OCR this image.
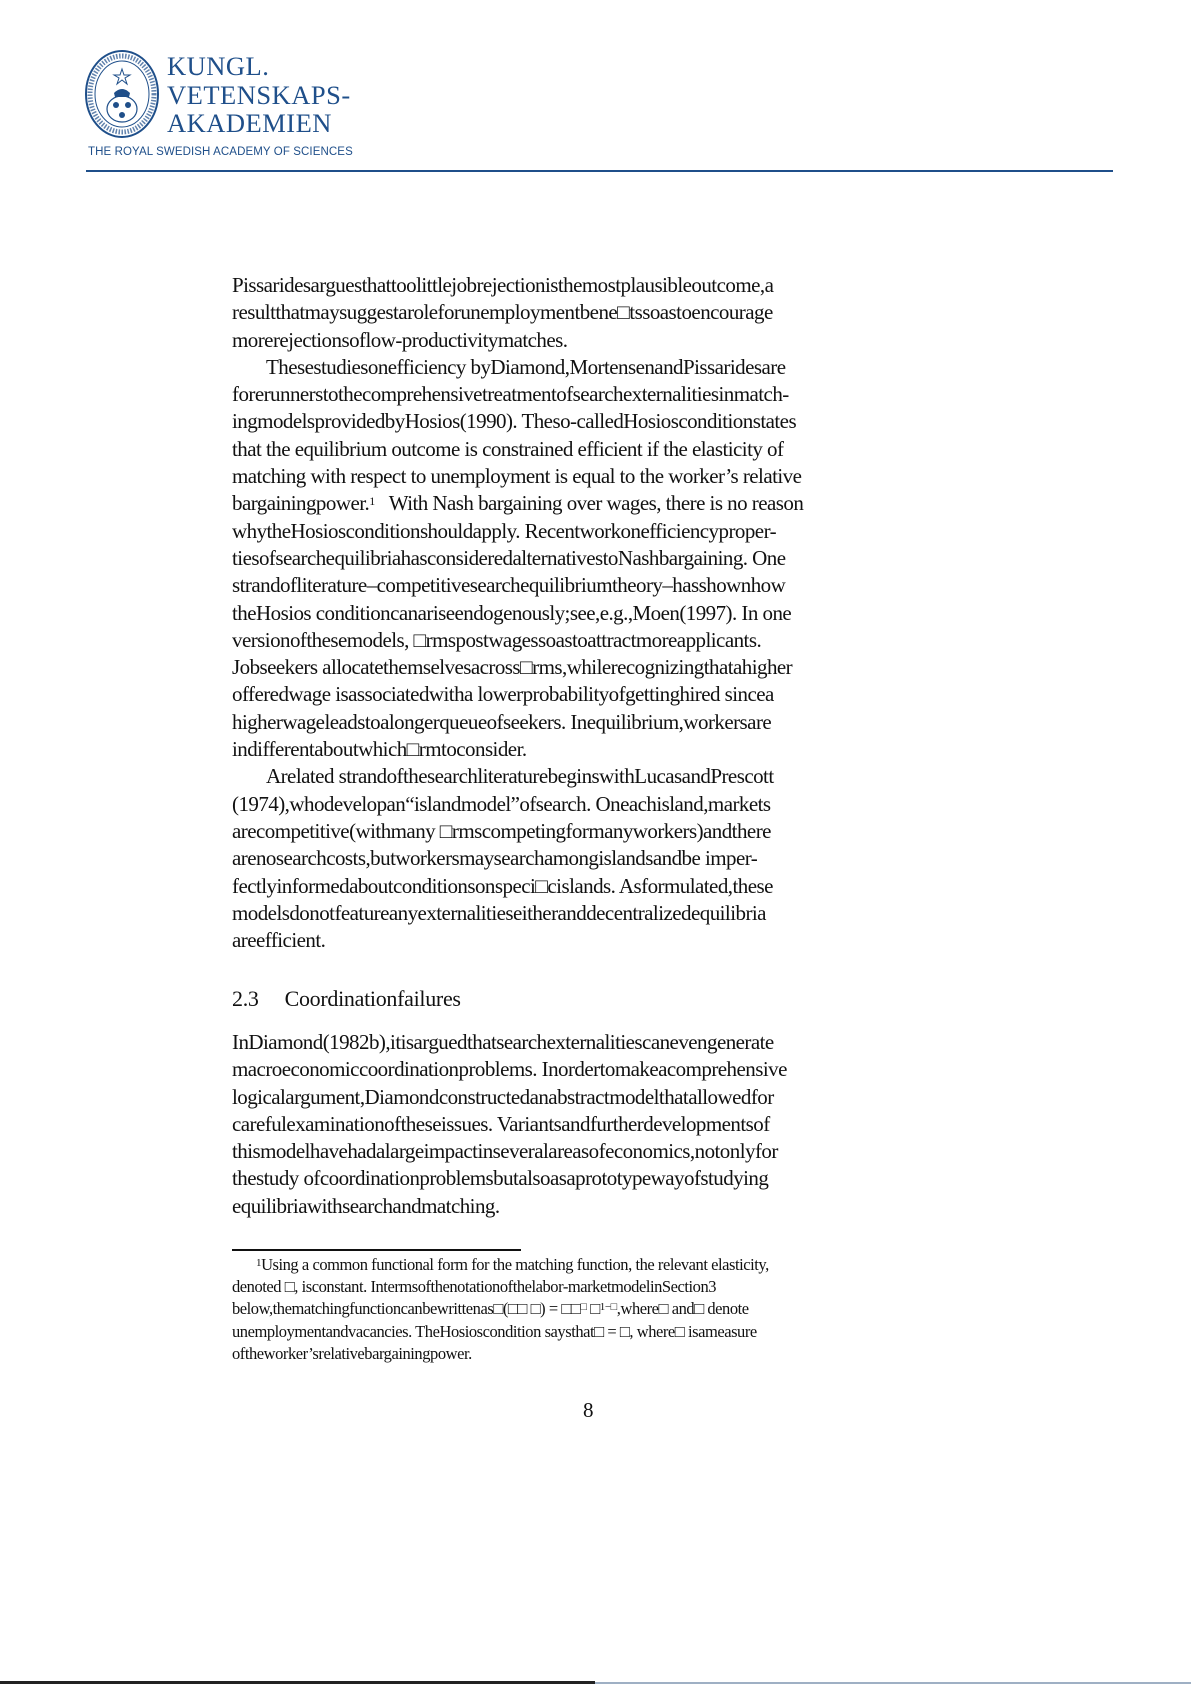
KUNGL.
VETENSKAPS-
AKADEMIEN
THE ROYAL SWEDISH ACADEMY OF SCIENCES
Pissaridesarguesthattoolittlejobrejectionisthemostplausibleoutcome,a
resultthatmaysuggestaroleforunemploymentbene□tssoastoencourage
morerejectionsoflow-productivitymatches.
Thesestudiesonefficiency byDiamond,MortensenandPissaridesare
forerunnerstothecomprehensivetreatmentofsearchexternalitiesinmatch-
ingmodelsprovidedbyHosios(1990). Theso-calledHosiosconditionstates
that the equilibrium outcome is constrained efficient if the elasticity of
matching with respect to unemployment is equal to the worker’s relative
bargainingpower.$^1$ With Nash bargaining over wages, there is no reason
whytheHosiosconditionshouldapply. Recentworkonefficiencyproper-
tiesofsearchequilibriahasconsideredalternativestoNashbargaining. One
strandofliterature–competitivesearchequilibriumtheory–hasshownhow
theHosios conditioncanariseendogenously;see,e.g.,Moen(1997). In one
versionofthesemodels, □rmspostwagessoastoattractmoreapplicants.
Jobseekers allocatethemselvesacross□rms,whilerecognizingthatahigher
offeredwage isassociatedwitha lowerprobabilityofgettinghired sincea
higherwageleadstoalongerqueueofseekers. Inequilibrium,workersare
indifferentaboutwhich□rmtoconsider.
Arelated strandofthesearchliteraturebeginswithLucasandPrescott
(1974),whodevelopan“islandmodel”ofsearch. Oneachisland,markets
arecompetitive(withmany □rmscompetingformanyworkers)andthere
arenosearchcosts,butworkersmaysearchamongislandsandbe imper-
fectlyinformedaboutconditionsonspeci□cislands. Asformulated,these
modelsdonotfeatureanyexternalitieseitheranddecentralizedequilibria
areefficient.
2.3 Coordinationfailures
InDiamond(1982b),itisarguedthatsearchexternalitiescanevengenerate
macroeconomiccoordinationproblems. Inordertomakeacomprehensive
logicalargument,Diamondconstructedanabstractmodelthatallowedfor
carefulexaminationoftheseissues. Variantsandfurtherdevelopmentsof
thismodelhavehadalargeimpactinseveralareasofeconomics,notonlyfor
thestudy ofcoordinationproblemsbutalsoasaprototypewayofstudying
equilibriawithsearchandmatching.
$^1$Using a common functional form for the matching function, the relevant elasticity,
denoted □, isconstant. Intermsofthenotationofthelabor-marketmodelinSection3
below,thematchingfunctioncanbewrittenas□(□□ □) = □□□ □$^{1-□}$,where□ and□ denote
unemploymentandvacancies. TheHosioscondition saysthat□ = □, where□ isameasure
oftheworker’srelativebargainingpower.
8
